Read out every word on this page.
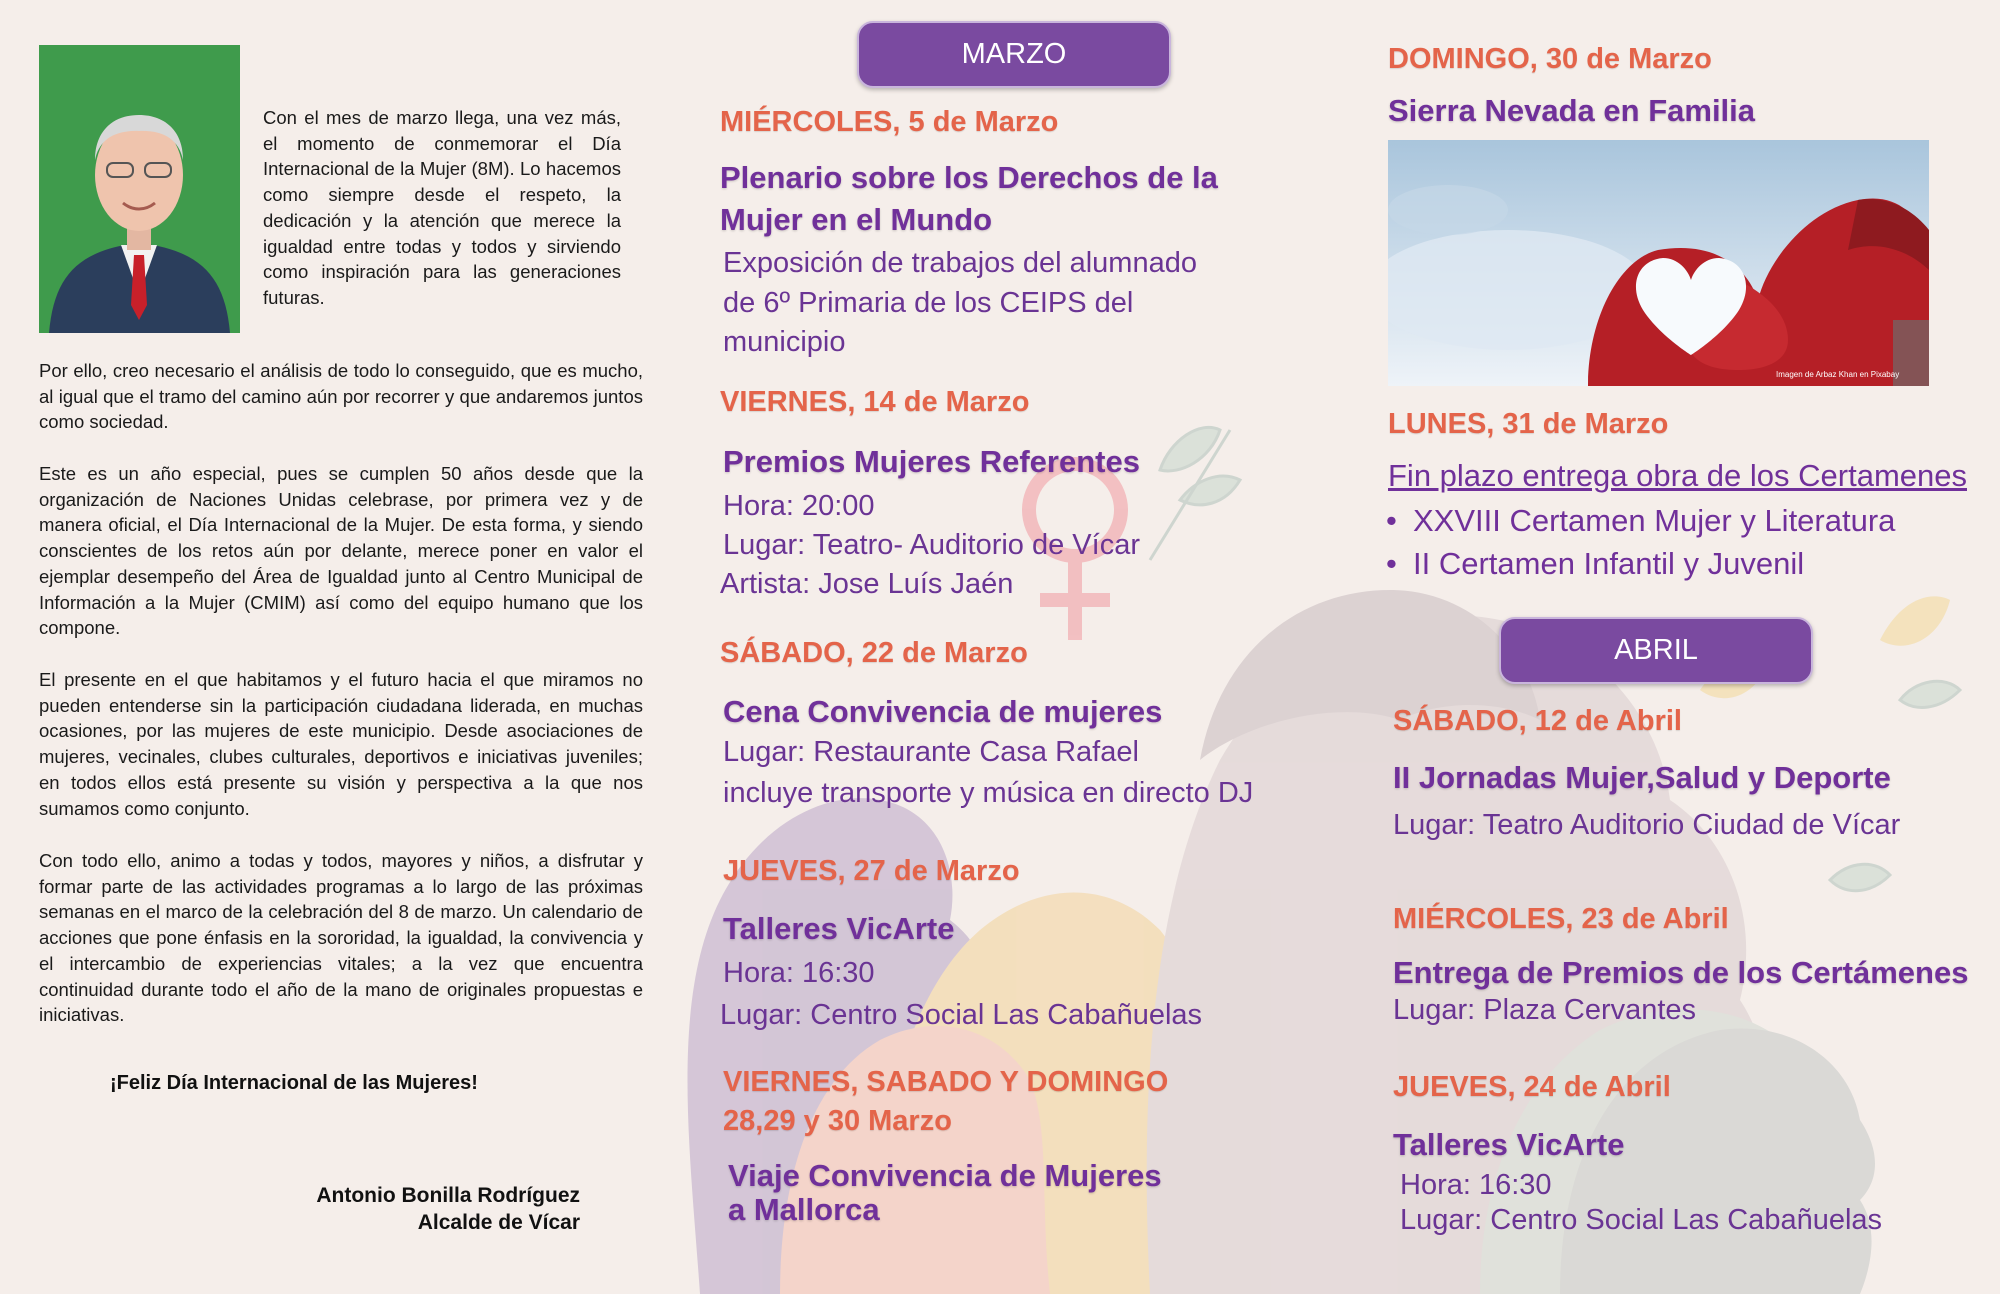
Con el mes de marzo llega, una vez más, el momento de conmemorar el Día Internacional de la Mujer (8M). Lo hacemos como siempre desde el respeto, la dedicación y la atención que merece la igualdad entre todas y todos y sirviendo como inspiración para las generaciones futuras.

Por ello, creo necesario el análisis de todo lo conseguido, que es mucho, al igual que el tramo del camino aún por recorrer y que andaremos juntos como sociedad.

Este es un año especial, pues se cumplen 50 años desde que la organización de Naciones Unidas celebrase, por primera vez y de manera oficial, el Día Internacional de la Mujer. De esta forma, y siendo conscientes de los retos aún por delante, merece poner en valor el ejemplar desempeño del Área de Igualdad junto al Centro Municipal de Información a la Mujer (CMIM) así como del equipo humano que los compone.

El presente en el que habitamos y el futuro hacia el que miramos no pueden entenderse sin la participación ciudadana liderada, en muchas ocasiones, por las mujeres de este municipio. Desde asociaciones de mujeres, vecinales, clubes culturales, deportivos e iniciativas juveniles; en todos ellos está presente su visión y perspectiva a la que nos sumamos como conjunto.

Con todo ello, animo a todas y todos, mayores y niños, a disfrutar y formar parte de las actividades programas a lo largo de las próximas semanas en el marco de la celebración del 8 de marzo. Un calendario de acciones que pone énfasis en la sororidad, la igualdad, la convivencia y el intercambio de experiencias vitales; a la vez que encuentra continuidad durante todo el año de la mano de originales propuestas e iniciativas.

¡Feliz Día Internacional de las Mujeres!
Antonio Bonilla Rodríguez
Alcalde de Vícar
MARZO
MIÉRCOLES, 5 de Marzo
Plenario sobre los Derechos de la
Mujer en el Mundo
Exposición de trabajos del alumnado
de 6º Primaria de los CEIPS del
municipio
VIERNES, 14 de Marzo
Premios Mujeres Referentes
Hora: 20:00
Lugar: Teatro- Auditorio de Vícar
Artista: Jose Luís Jaén
SÁBADO, 22 de Marzo
Cena Convivencia de mujeres
Lugar: Restaurante Casa Rafael
incluye transporte y música en directo DJ
JUEVES, 27 de Marzo
Talleres VicArte
Hora: 16:30
Lugar: Centro Social Las Cabañuelas
VIERNES, SABADO Y DOMINGO
28,29 y 30 Marzo
Viaje Convivencia de Mujeres
a Mallorca
DOMINGO, 30 de Marzo
Sierra Nevada en Familia
Imagen de Arbaz Khan en Pixabay
LUNES, 31 de Marzo
Fin plazo entrega obra de los Certamenes
• XXVIII Certamen Mujer y Literatura
• II Certamen Infantil y Juvenil
ABRIL
SÁBADO, 12 de Abril
II Jornadas Mujer,Salud y Deporte
Lugar: Teatro Auditorio Ciudad de Vícar
MIÉRCOLES, 23 de Abril
Entrega de Premios de los Certámenes
Lugar: Plaza Cervantes
JUEVES, 24 de Abril
Talleres VicArte
Hora: 16:30
Lugar: Centro Social Las Cabañuelas
